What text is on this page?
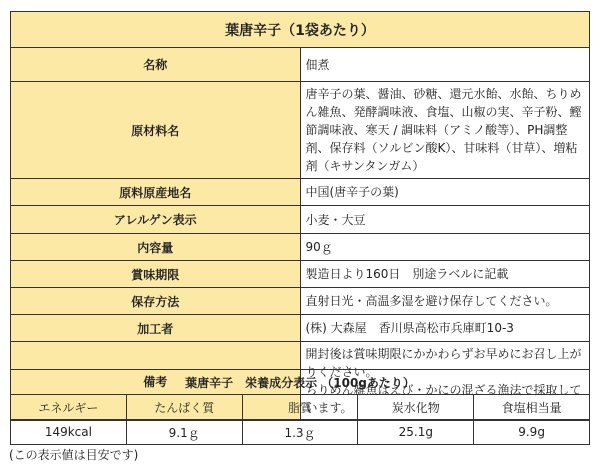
葉唐辛子（1袋あたり）	
名称	佃煮
原材料名	唐辛子の葉、醤油、砂糖、還元水飴、水飴、ちりめん雑魚、発酵調味液、食塩、山椒の実、辛子粉、鰹節調味液、寒天 / 調味料（アミノ酸等）、PH調整剤、保存料（ソルビン酸K）、甘味料（甘草）、増粘剤（キサンタンガム）
原料原産地名	中国(唐辛子の葉)
アレルゲン表示	小麦・大豆
内容量	90ｇ
賞味期限	製造日より160日　別途ラベルに記載
保存方法	直射日光・高温多湿を避け保存してください。
加工者	(株) 大森屋　香川県高松市兵庫町10-3
備考	開封後は賞味期限にかかわらずお早めにお召し上がりください。
ちりめん雑魚はえび・かにの混ざる漁法で採取しています。
葉唐辛子　栄養成分表示 （100gあたり）				
エネルギー	たんぱく質	脂質	炭水化物	食塩相当量
149kcal	9.1ｇ	1.3ｇ	25.1g	9.9g
(この表示値は目安です)
